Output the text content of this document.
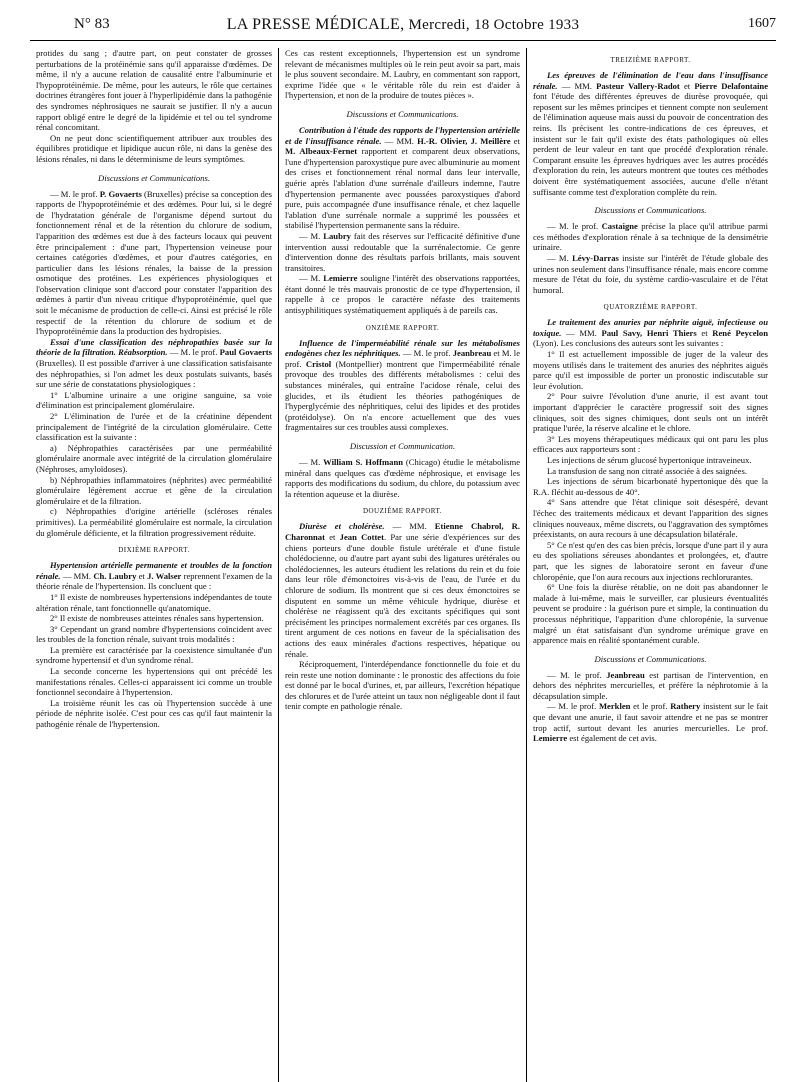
N° 83	LA PRESSE MÉDICALE, Mercredi, 18 Octobre 1933	1607

protides du sang ; d'autre part, on peut constater de grosses perturbations de la protéinémie sans qu'il apparaisse d'œdèmes. De même, il n'y a aucune relation de causalité entre l'albuminurie et l'hypoprotéinémie. De même, pour les auteurs, le rôle que certaines doctrines étrangères font jouer à l'hyperlipidémie dans la pathogénie des syndromes néphrosiques ne saurait se justifier. Il n'y a aucun rapport obligé entre le degré de la lipidémie et tel ou tel syndrome rénal concomitant.

On ne peut donc scientifiquement attribuer aux troubles des équilibres protidique et lipidique aucun rôle, ni dans la genèse des lésions rénales, ni dans le déterminisme de leurs symptômes.

Discussions et Communications.

— M. le prof. P. Govaerts (Bruxelles) précise sa conception des rapports de l'hypoprotéinémie et des œdèmes. Pour lui, si le degré de l'hydratation générale de l'organisme dépend surtout du fonctionnement rénal et de la rétention du chlorure de sodium, l'apparition des œdèmes est due à des facteurs locaux qui peuvent être principalement : d'une part, l'hypertension veineuse pour certaines catégories d'œdèmes, et pour d'autres catégories, en particulier dans les lésions rénales, la baisse de la pression osmotique des protéines. Les expériences physiologiques et l'observation clinique sont d'accord pour constater l'apparition des œdèmes à partir d'un niveau critique d'hypoprotéinémie, quel que soit le mécanisme de production de celle-ci. Ainsi est précisé le rôle respectif de la rétention du chlorure de sodium et de l'hypoprotéinémie dans la production des hydropisies.

Essai d'une classification des néphropathies basée sur la théorie de la filtration. Réabsorption. — M. le prof. Paul Govaerts (Bruxelles). Il est possible d'arriver à une classification satisfaisante des néphropathies, si l'on admet les deux postulats suivants, basés sur une série de constatations physiologiques :

1° L'albumine urinaire a une origine sanguine, sa voie d'élimination est principalement glomérulaire.

2° L'élimination de l'urée et de la créatinine dépendent principalement de l'intégrité de la circulation glomérulaire. Cette classification est la suivante :

a) Néphropathies caractérisées par une perméabilité glomérulaire anormale avec intégrité de la circulation glomérulaire (Néphroses, amyloïdoses).

b) Néphropathies inflammatoires (néphrites) avec perméabilité glomérulaire légèrement accrue et gêne de la circulation glomérulaire et de la filtration.

c) Néphropathies d'origine artérielle (scléroses rénales primitives). La perméabilité glomérulaire est normale, la circulation du glomérule déficiente, et la filtration progressivement réduite.

DIXIÈME RAPPORT.

Hypertension artérielle permanente et troubles de la fonction rénale. — MM. Ch. Laubry et J. Walser reprennent l'examen de la théorie rénale de l'hypertension. Ils concluent que :

1° Il existe de nombreuses hypertensions indépendantes de toute altération rénale, tant fonctionnelle qu'anatomique.

2° Il existe de nombreuses atteintes rénales sans hypertension.

3° Cependant un grand nombre d'hypertensions coïncident avec les troubles de la fonction rénale, suivant trois modalités :

La première est caractérisée par la coexistence simultanée d'un syndrome hypertensif et d'un syndrome rénal.

La seconde concerne les hypertensions qui ont précédé les manifestations rénales. Celles-ci apparaissent ici comme un trouble fonctionnel secondaire à l'hypertension.

La troisième réunit les cas où l'hypertension succède à une période de néphrite isolée. C'est pour ces cas qu'il faut maintenir la pathogénie rénale de l'hypertension.

Ces cas restent exceptionnels, l'hypertension est un syndrome relevant de mécanismes multiples où le rein peut avoir sa part, mais le plus souvent secondaire. M. Laubry, en commentant son rapport, exprime l'idée que « le véritable rôle du rein est d'aider à l'hypertension, et non de la produire de toutes pièces ».

Discussions et Communications.

Contribution à l'étude des rapports de l'hypertension artérielle et de l'insuffisance rénale. — MM. H.-R. Olivier, J. Meillère et M. Albeaux-Fernet rapportent et comparent deux observations, l'une d'hypertension paroxystique pure avec albuminurie au moment des crises et fonctionnement rénal normal dans leur intervalle, guérie après l'ablation d'une surrénale d'ailleurs indemne, l'autre d'hypertension permanente avec poussées paroxystiques d'abord pure, puis accompagnée d'une insuffisance rénale, et chez laquelle l'ablation d'une surrénale normale a supprimé les poussées et stabilisé l'hypertension permanente sans la réduire.

— M. Laubry fait des réserves sur l'efficacité définitive d'une intervention aussi redoutable que la surrénalectomie. Ce genre d'intervention donne des résultats parfois brillants, mais souvent transitoires.

— M. Lemierre souligne l'intérêt des observations rapportées, étant donné le très mauvais pronostic de ce type d'hypertension, il rappelle à ce propos le caractère néfaste des traitements antisyphilitiques systématiquement appliqués à de pareils cas.

ONZIÈME RAPPORT.

Influence de l'imperméabilité rénale sur les métabolismes endogènes chez les néphritiques. — M. le prof. Jeanbreau et M. le prof. Cristol (Montpellier) montrent que l'imperméabilité rénale provoque des troubles des différents métabolismes : celui des substances minérales, qui entraîne l'acidose rénale, celui des glucides, et ils étudient les théories pathogéniques de l'hyperglycémie des néphritiques, celui des lipides et des protides (protéidolyse). On n'a encore actuellement que des vues fragmentaires sur ces troubles aussi complexes.

Discussion et Communication.

— M. William S. Hoffmann (Chicago) étudie le métabolisme minéral dans quelques cas d'œdème néphrosique, et envisage les rapports des modifications du sodium, du chlore, du potassium avec la rétention aqueuse et la diurèse.

DOUZIÈME RAPPORT.

Diurèse et cholérèse. — MM. Etienne Chabrol, R. Charonnat et Jean Cottet. Par une série d'expériences sur des chiens porteurs d'une double fistule urétérale et d'une fistule cholédocienne, ou d'autre part ayant subi des ligatures urétérales ou cholédociennes, les auteurs étudient les relations du rein et du foie dans leur rôle d'émonctoires vis-à-vis de l'eau, de l'urée et du chlorure de sodium. Ils montrent que si ces deux émonctoires se disputent en somme un même véhicule hydrique, diurèse et cholérèse ne réagissent qu'à des excitants spécifiques qui sont précisément les principes normalement excrétés par ces organes. Ils tirent argument de ces notions en faveur de la spécialisation des actions des eaux minérales d'actions respectives, hépatique ou rénale.

Réciproquement, l'interdépendance fonctionnelle du foie et du rein reste une notion dominante : le pronostic des affections du foie est donné par le bocal d'urines, et, par ailleurs, l'excrétion hépatique des chlorures et de l'urée atteint un taux non négligeable dont il faut tenir compte en pathologie rénale.

TREIZIÈME RAPPORT.

Les épreuves de l'élimination de l'eau dans l'insuffisance rénale. — MM. Pasteur Vallery-Radot et Pierre Delafontaine font l'étude des différentes épreuves de diurèse provoquée, qui reposent sur les mêmes principes et tiennent compte non seulement de l'élimination aqueuse mais aussi du pouvoir de concentration des reins. Ils précisent les contre-indications de ces épreuves, et insistent sur le fait qu'il existe des états pathologiques où elles perdent de leur valeur en tant que procédé d'exploration rénale. Comparant ensuite les épreuves hydriques avec les autres procédés d'exploration du rein, les auteurs montrent que toutes ces méthodes doivent être systématiquement associées, aucune d'elle n'étant suffisante comme test d'exploration complète du rein.

Discussions et Communications.

— M. le prof. Castaigne précise la place qu'il attribue parmi ces méthodes d'exploration rénale à sa technique de la densimétrie urinaire.

— M. Lévy-Darras insiste sur l'intérêt de l'étude globale des urines non seulement dans l'insuffisance rénale, mais encore comme mesure de l'état du foie, du système cardio-vasculaire et de l'état humoral.

QUATORZIÈME RAPPORT.

Le traitement des anuries par néphrite aiguë, infectieuse ou toxique. — MM. Paul Savy, Henri Thiers et René Peycelon (Lyon). Les conclusions des auteurs sont les suivantes :

1° Il est actuellement impossible de juger de la valeur des moyens utilisés dans le traitement des anuries des néphrites aiguës parce qu'il est impossible de porter un pronostic indiscutable sur leur évolution.

2° Pour suivre l'évolution d'une anurie, il est avant tout important d'apprécier le caractère progressif soit des signes cliniques, soit des signes chimiques, dont seuls ont un intérêt pratique l'urée, la réserve alcaline et le chlore.

3° Les moyens thérapeutiques médicaux qui ont paru les plus efficaces aux rapporteurs sont :

Les injections de sérum glucosé hypertonique intraveineux.

La transfusion de sang non citraté associée à des saignées.

Les injections de sérum bicarbonaté hypertonique dès que la R.A. fléchit au-dessous de 40°.

4° Sans attendre que l'état clinique soit désespéré, devant l'échec des traitements médicaux et devant l'apparition des signes cliniques nouveaux, même discrets, ou l'aggravation des symptômes préexistants, on aura recours à une décapsulation bilatérale.

5° Ce n'est qu'en des cas bien précis, lorsque d'une part il y aura eu des spoliations séreuses abondantes et prolongées, et, d'autre part, que les signes de laboratoire seront en faveur d'une chloropénie, que l'on aura recours aux injections rechlorurantes.

6° Une fois la diurèse rétablie, on ne doit pas abandonner le malade à lui-même, mais le surveiller, car plusieurs éventualités peuvent se produire : la guérison pure et simple, la continuation du processus néphritique, l'apparition d'une chloropénie, la survenue malgré un état satisfaisant d'un syndrome urémique grave en apparence mais en réalité spontanément curable.

Discussions et Communications.

— M. le prof. Jeanbreau est partisan de l'intervention, en dehors des néphrites mercurielles, et préfère la néphrotomie à la décapsulation simple.

— M. le prof. Merklen et le prof. Rathery insistent sur le fait que devant une anurie, il faut savoir attendre et ne pas se montrer trop actif, surtout devant les anuries mercurielles. Le prof. Lemierre est également de cet avis.
